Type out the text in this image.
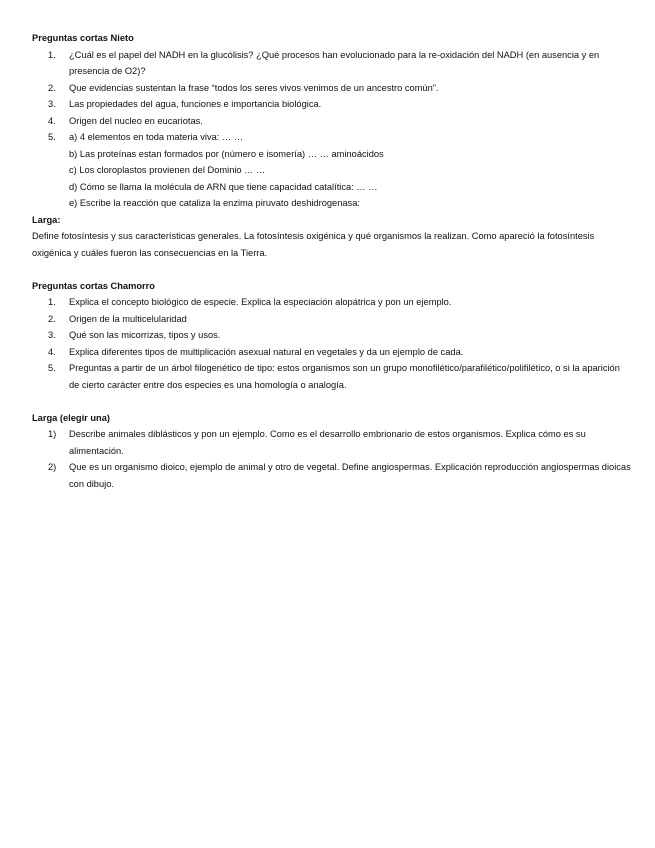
Preguntas cortas Nieto

1. ¿Cuál es el papel del NADH en la glucólisis? ¿Qué procesos han evolucionado para la re-oxidación del NADH (en ausencia y en presencia de O2)?
2. Que evidencias sustentan la frase “todos los seres vivos venimos de un ancestro común”.
3. Las propiedades del agua, funciones e importancia biológica.
4. Origen del nucleo en eucariotas.
5. a) 4 elementos en toda materia viva: … …
b) Las proteínas estan formados por (número e isomería) … … aminoácidos
c) Los cloroplastos provienen del Dominio … …
d) Cómo se llama la molécula de ARN que tiene capacidad catalítica: … …
e) Escribe la reacción que cataliza la enzima piruvato deshidrogenasa:

Larga:

Define fotosíntesis y sus características generales. La fotosíntesis oxigénica y qué organismos la realizan. Como apareció la fotosíntesis oxigénica y cuáles fueron las consecuencias en la Tierra.

Preguntas cortas Chamorro

1. Explica el concepto biológico de especie. Explica la especiación alopátrica y pon un ejemplo.
2. Origen de la multicelularidad
3. Qué son las micorrizas, tipos y usos.
4. Explica diferentes tipos de multiplicación asexual natural en vegetales y da un ejemplo de cada.
5. Preguntas a partir de un árbol filogenético de tipo: estos organismos son un grupo monofilético/parafilético/polifilético, o si la aparición de cierto carácter entre dos especies es una homología o analogía.

Larga (elegir una)

1) Describe animales diblásticos y pon un ejemplo. Como es el desarrollo embrionario de estos organismos. Explica cómo es su alimentación.
2) Que es un organismo dioico, ejemplo de animal y otro de vegetal. Define angiospermas. Explicación reproducción angiospermas dioicas con dibujo.
